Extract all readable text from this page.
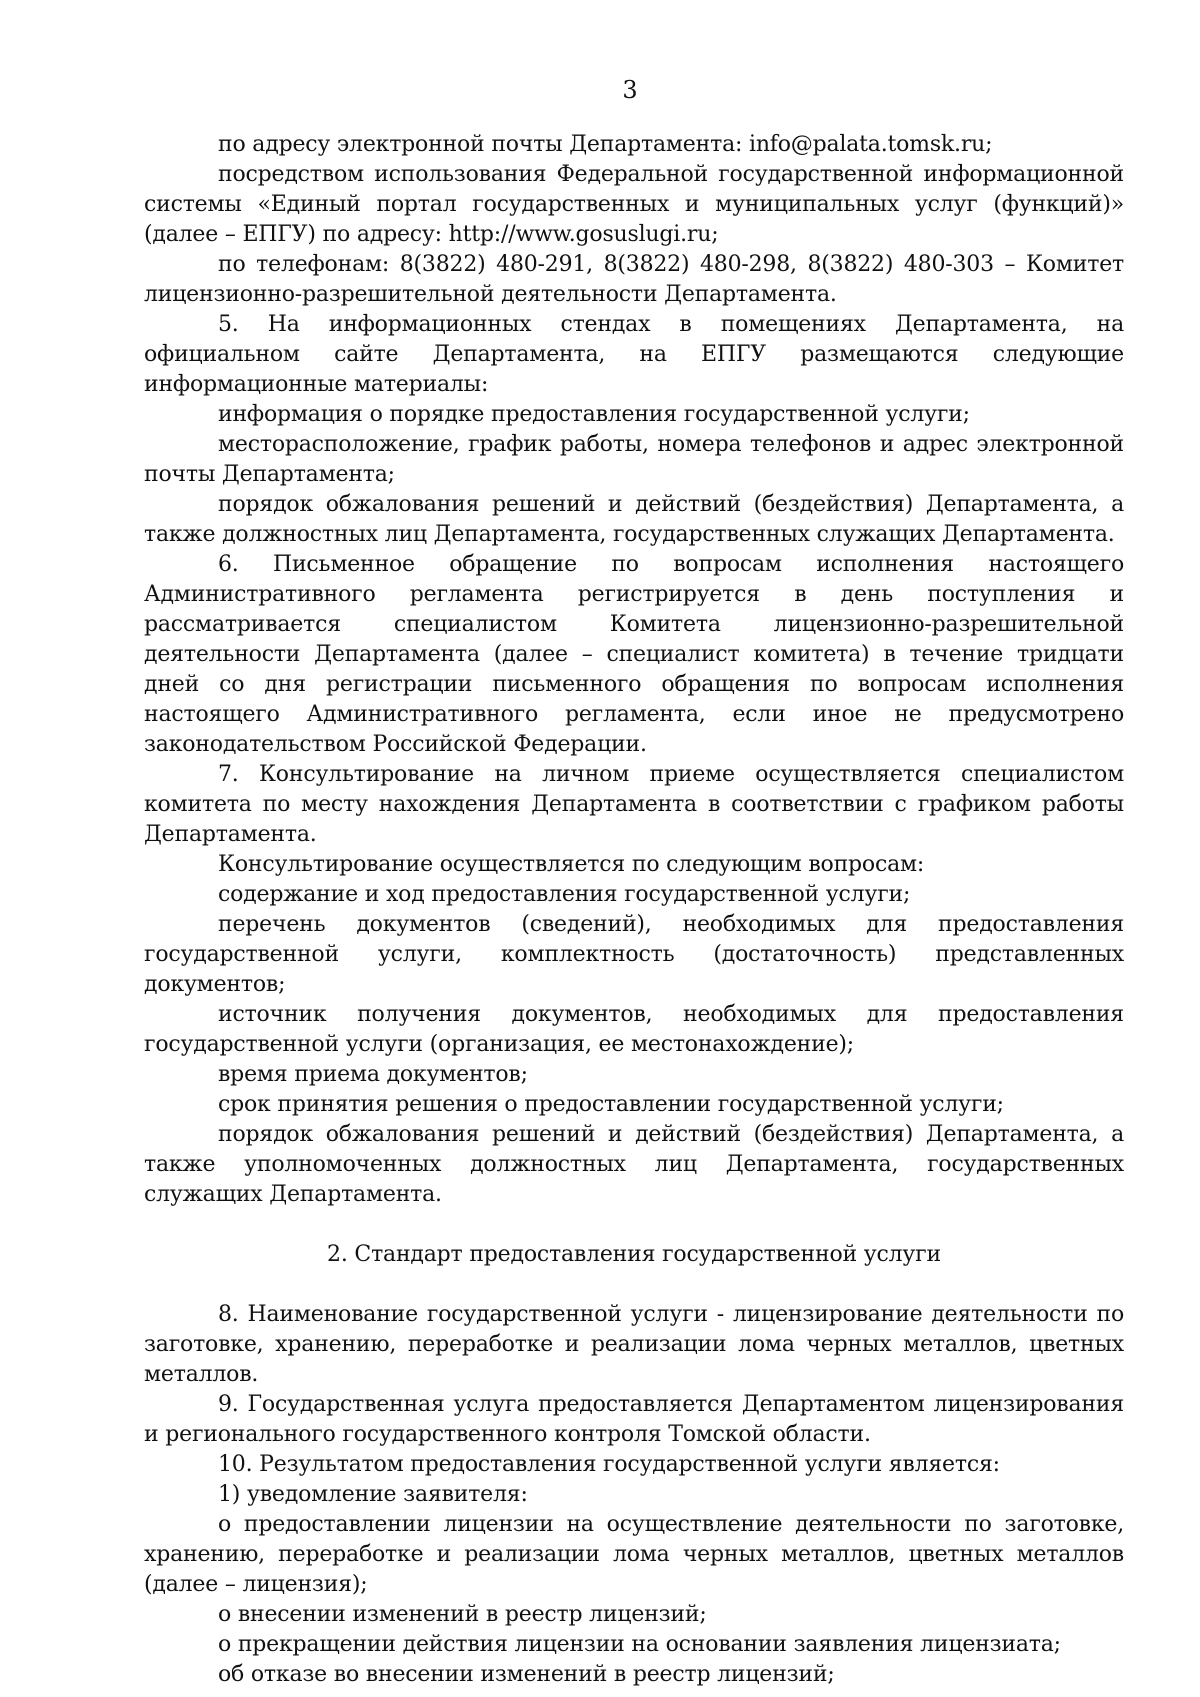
3

по адресу электронной почты Департамента: info@palata.tomsk.ru;

посредством использования Федеральной государственной информационной системы «Единый портал государственных и муниципальных услуг (функций)» (далее – ЕПГУ) по адресу: http://www.gosuslugi.ru;

по телефонам: 8(3822) 480-291, 8(3822) 480-298, 8(3822) 480-303 – Комитет лицензионно-разрешительной деятельности Департамента.

5. На информационных стендах в помещениях Департамента, на официальном сайте Департамента, на ЕПГУ размещаются следующие информационные материалы:

информация о порядке предоставления государственной услуги;

месторасположение, график работы, номера телефонов и адрес электронной почты Департамента;

порядок обжалования решений и действий (бездействия) Департамента, а также должностных лиц Департамента, государственных служащих Департамента.

6. Письменное обращение по вопросам исполнения настоящего Административного регламента регистрируется в день поступления и рассматривается специалистом Комитета лицензионно-разрешительной деятельности Департамента (далее – специалист комитета) в течение тридцати дней со дня регистрации письменного обращения по вопросам исполнения настоящего Административного регламента, если иное не предусмотрено законодательством Российской Федерации.

7. Консультирование на личном приеме осуществляется специалистом комитета по месту нахождения Департамента в соответствии с графиком работы Департамента.

Консультирование осуществляется по следующим вопросам:

содержание и ход предоставления государственной услуги;

перечень документов (сведений), необходимых для предоставления государственной услуги, комплектность (достаточность) представленных документов;

источник получения документов, необходимых для предоставления государственной услуги (организация, ее местонахождение);

время приема документов;

срок принятия решения о предоставлении государственной услуги;

порядок обжалования решений и действий (бездействия) Департамента, а также уполномоченных должностных лиц Департамента, государственных служащих Департамента.

2. Стандарт предоставления государственной услуги

8. Наименование государственной услуги - лицензирование деятельности по заготовке, хранению, переработке и реализации лома черных металлов, цветных металлов.

9. Государственная услуга предоставляется Департаментом лицензирования и регионального государственного контроля Томской области.

10. Результатом предоставления государственной услуги является:

1) уведомление заявителя:

о предоставлении лицензии на осуществление деятельности по заготовке, хранению, переработке и реализации лома черных металлов, цветных металлов (далее – лицензия);

о внесении изменений в реестр лицензий;

о прекращении действия лицензии на основании заявления лицензиата;

об отказе во внесении изменений в реестр лицензий;
